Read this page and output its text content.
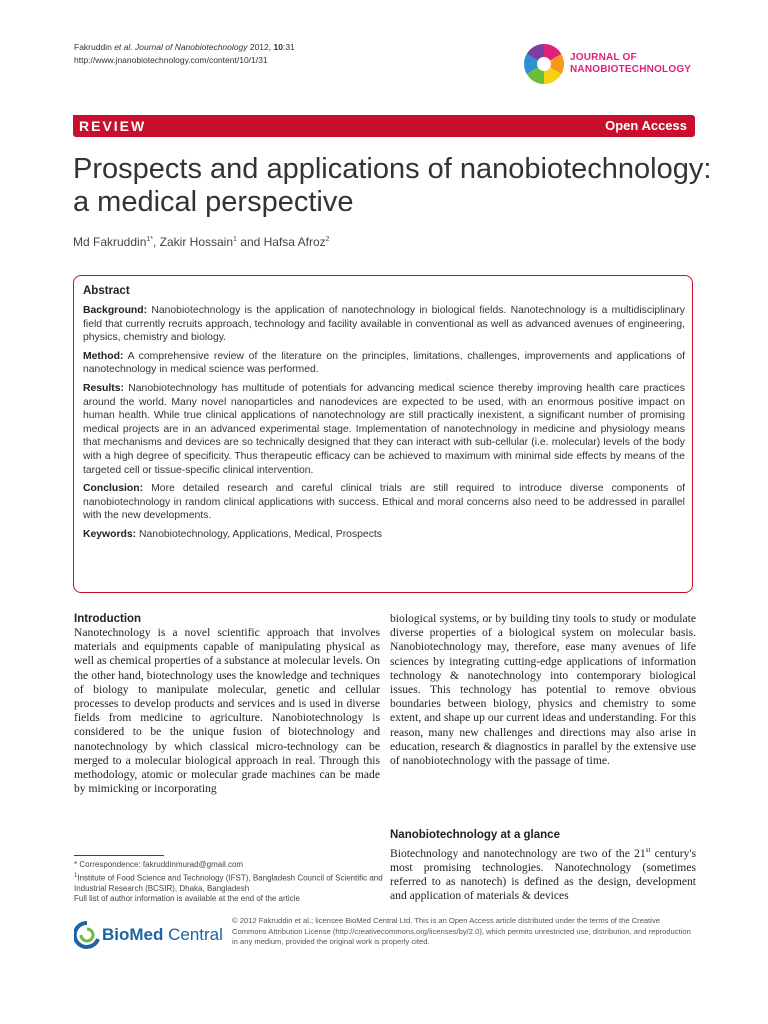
Fakruddin et al. Journal of Nanobiotechnology 2012, 10:31
http://www.jnanobiotechnology.com/content/10/1/31	JOURNAL OF
NANOBIOTECHNOLOGY
REVIEW	Open Access
Prospects and applications of nanobiotechnology:
a medical perspective
Md Fakruddin$^{1*}$, Zakir Hossain$^1$ and Hafsa Afroz$^2$
Abstract

Background: Nanobiotechnology is the application of nanotechnology in biological fields. Nanotechnology is a multidisciplinary field that currently recruits approach, technology and facility available in conventional as well as advanced avenues of engineering, physics, chemistry and biology.

Method: A comprehensive review of the literature on the principles, limitations, challenges, improvements and applications of nanotechnology in medical science was performed.

Results: Nanobiotechnology has multitude of potentials for advancing medical science thereby improving health care practices around the world. Many novel nanoparticles and nanodevices are expected to be used, with an enormous positive impact on human health. While true clinical applications of nanotechnology are still practically inexistent, a significant number of promising medical projects are in an advanced experimental stage. Implementation of nanotechnology in medicine and physiology means that mechanisms and devices are so technically designed that they can interact with sub-cellular (i.e. molecular) levels of the body with a high degree of specificity. Thus therapeutic efficacy can be achieved to maximum with minimal side effects by means of the targeted cell or tissue-specific clinical intervention.

Conclusion: More detailed research and careful clinical trials are still required to introduce diverse components of nanobiotechnology in random clinical applications with success. Ethical and moral concerns also need to be addressed in parallel with the new developments.

Keywords: Nanobiotechnology, Applications, Medical, Prospects

Introduction
Nanotechnology is a novel scientific approach that involves materials and equipments capable of manipulating physical as well as chemical properties of a substance at molecular levels. On the other hand, biotechnology uses the knowledge and techniques of biology to manipulate molecular, genetic and cellular processes to develop products and services and is used in diverse fields from medicine to agriculture. Nanobiotechnology is considered to be the unique fusion of biotechnology and nanotechnology by which classical micro-technology can be merged to a molecular biological approach in real. Through this methodology, atomic or molecular grade machines can be made by mimicking or incorporating
biological systems, or by building tiny tools to study or modulate diverse properties of a biological system on molecular basis. Nanobiotechnology may, therefore, ease many avenues of life sciences by integrating cutting-edge applications of information technology & nanotechnology into contemporary biological issues. This technology has potential to remove obvious boundaries between biology, physics and chemistry to some extent, and shape up our current ideas and understanding. For this reason, many new challenges and directions may also arise in education, research & diagnostics in parallel by the extensive use of nanobiotechnology with the passage of time.
Nanobiotechnology at a glance
Biotechnology and nanotechnology are two of the 21st century's most promising technologies. Nanotechnology (sometimes referred to as nanotech) is defined as the design, development and application of materials & devices
* Correspondence: fakruddinmurad@gmail.com
$^1$Institute of Food Science and Technology (IFST), Bangladesh Council of Scientific and Industrial Research (BCSIR), Dhaka, Bangladesh
Full list of author information is available at the end of the article
BioMed Central
© 2012 Fakruddin et al.; licensee BioMed Central Ltd. This is an Open Access article distributed under the terms of the Creative Commons Attribution License (http://creativecommons.org/licenses/by/2.0), which permits unrestricted use, distribution, and reproduction in any medium, provided the original work is properly cited.
